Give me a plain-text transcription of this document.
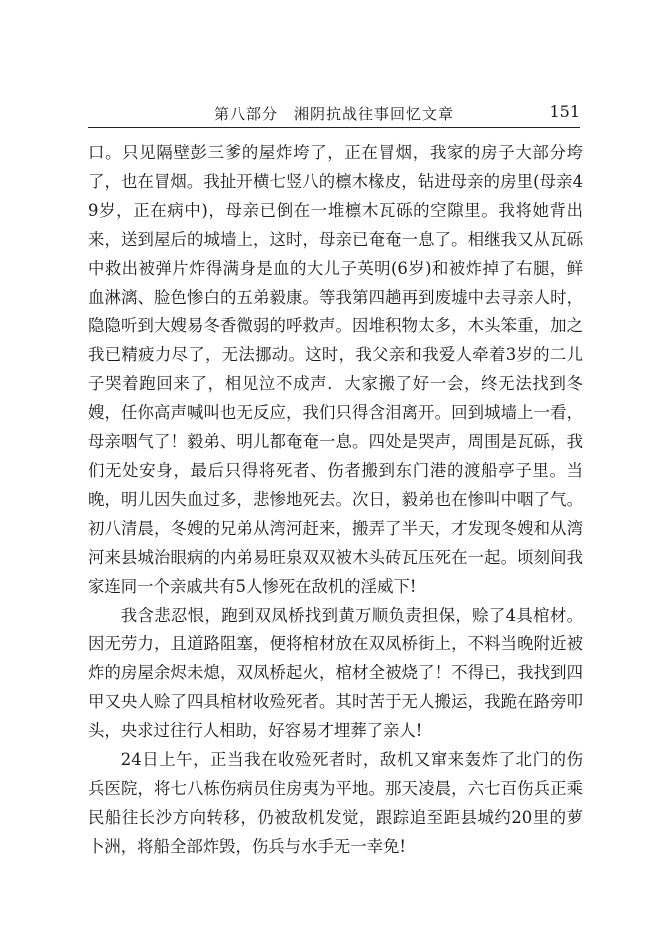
第八部分　湘阴抗战往事回忆文章	151

口。只见隔壁彭三爹的屋炸垮了，正在冒烟，我家的房子大部分垮了，也在冒烟。我扯开横七竖八的檩木椽皮，钻进母亲的房里(母亲49岁，正在病中)，母亲已倒在一堆檩木瓦砾的空隙里。我将她背出来，送到屋后的城墙上，这时，母亲已奄奄一息了。相继我又从瓦砾中救出被弹片炸得满身是血的大儿子英明(6岁)和被炸掉了右腿，鲜血淋漓、脸色惨白的五弟毅康。等我第四趟再到废墟中去寻亲人时，隐隐听到大嫂易冬香微弱的呼救声。因堆积物太多，木头笨重，加之我已精疲力尽了，无法挪动。这时，我父亲和我爱人牵着3岁的二儿子哭着跑回来了，相见泣不成声．大家搬了好一会，终无法找到冬嫂，任你高声喊叫也无反应，我们只得含泪离开。回到城墙上一看，母亲咽气了！毅弟、明儿都奄奄一息。四处是哭声，周围是瓦砾，我们无处安身，最后只得将死者、伤者搬到东门港的渡船亭子里。当晚，明儿因失血过多，悲惨地死去。次日，毅弟也在惨叫中咽了气。初八清晨，冬嫂的兄弟从湾河赶来，搬弄了半天，才发现冬嫂和从湾河来县城治眼病的内弟易旺泉双双被木头砖瓦压死在一起。顷刻间我家连同一个亲戚共有5人惨死在敌机的淫威下!

我含悲忍恨，跑到双凤桥找到黄万顺负责担保，赊了4具棺材。因无劳力，且道路阻塞，便将棺材放在双凤桥街上，不料当晚附近被炸的房屋余烬未熄，双凤桥起火，棺材全被烧了！不得已，我找到四甲又央人赊了四具棺材收殓死者。其时苦于无人搬运，我跪在路旁叩头，央求过往行人相助，好容易才埋葬了亲人!

24日上午，正当我在收殓死者时，敌机又窜来轰炸了北门的伤兵医院，将七八栋伤病员住房夷为平地。那天凌晨，六七百伤兵正乘民船往长沙方向转移，仍被敌机发觉，跟踪追至距县城约20里的萝卜洲，将船全部炸毁，伤兵与水手无一幸免!
